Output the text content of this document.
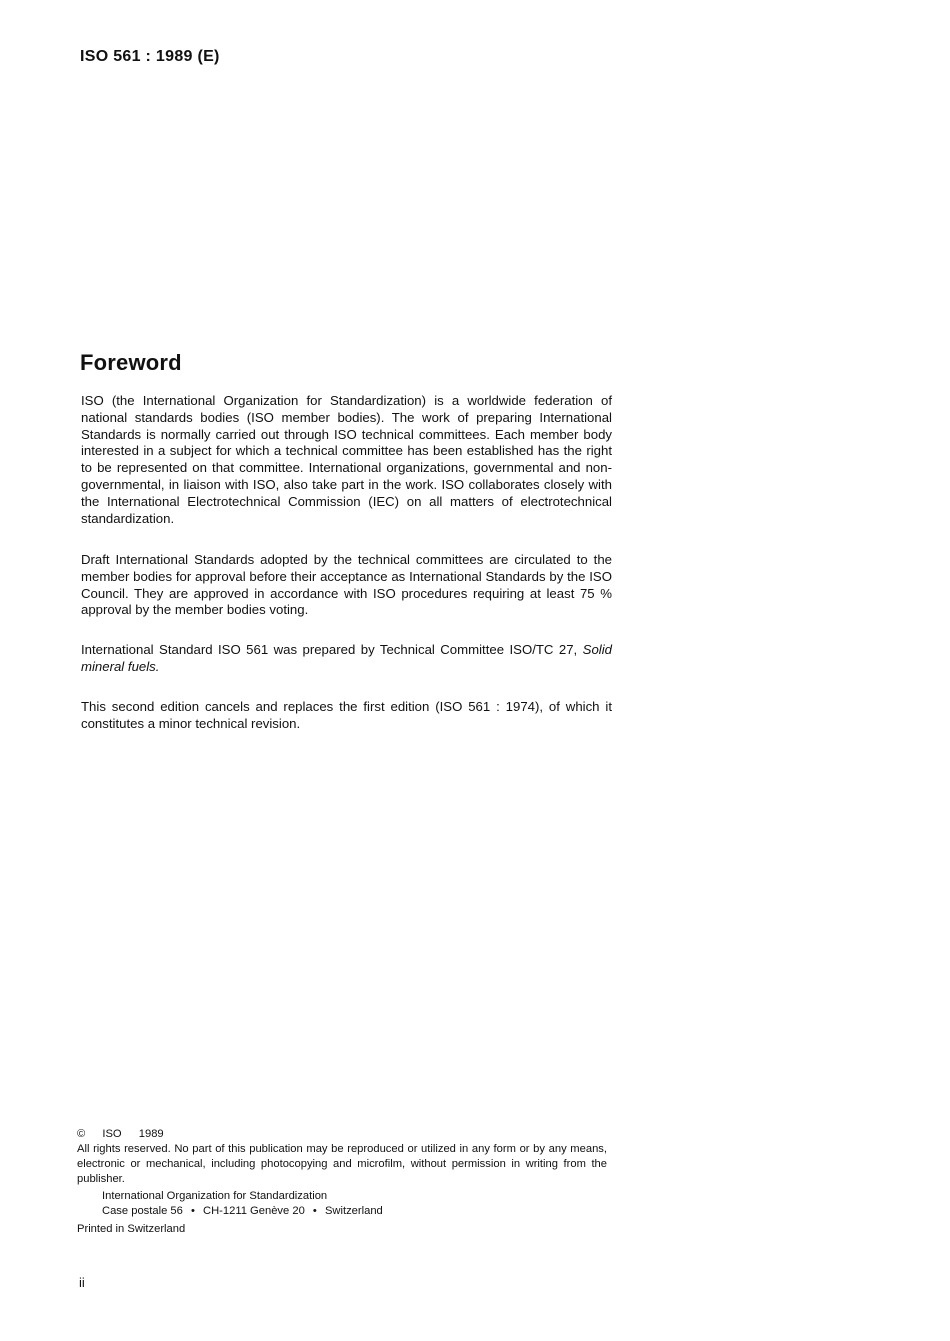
ISO 561 : 1989 (E)
Foreword
ISO (the International Organization for Standardization) is a worldwide federation of national standards bodies (ISO member bodies). The work of preparing International Standards is normally carried out through ISO technical committees. Each member body interested in a subject for which a technical committee has been established has the right to be represented on that committee. International organizations, governmental and non-governmental, in liaison with ISO, also take part in the work. ISO collaborates closely with the International Electrotechnical Commission (IEC) on all matters of electrotechnical standardization.
Draft International Standards adopted by the technical committees are circulated to the member bodies for approval before their acceptance as International Standards by the ISO Council. They are approved in accordance with ISO procedures requiring at least 75 % approval by the member bodies voting.
International Standard ISO 561 was prepared by Technical Committee ISO/TC 27, Solid mineral fuels.
This second edition cancels and replaces the first edition (ISO 561 : 1974), of which it constitutes a minor technical revision.
© ISO 1989
All rights reserved. No part of this publication may be reproduced or utilized in any form or by any means, electronic or mechanical, including photocopying and microfilm, without permission in writing from the publisher.
International Organization for Standardization
Case postale 56 • CH-1211 Genève 20 • Switzerland
Printed in Switzerland
ii
